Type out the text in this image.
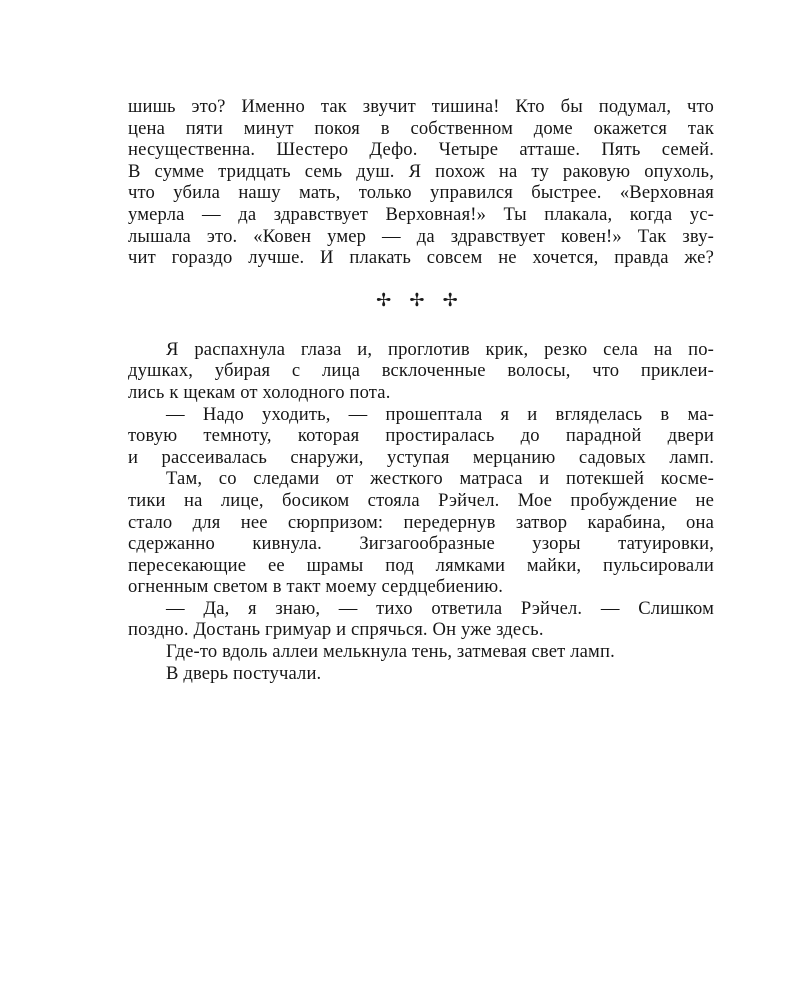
шишь это? Именно так звучит тишина! Кто бы подумал, что
цена пяти минут покоя в собственном доме окажется так
несущественна. Шестеро Дефо. Четыре атташе. Пять семей.
В сумме тридцать семь душ. Я похож на ту раковую опухоль,
что убила нашу мать, только управился быстрее. «Верховная
умерла — да здравствует Верховная!» Ты плакала, когда ус-
лышала это. «Ковен умер — да здравствует ковен!» Так зву-
чит гораздо лучше. И плакать совсем не хочется, правда же?
✢ ✢ ✢
Я распахнула глаза и, проглотив крик, резко села на по-
душках, убирая с лица всклоченные волосы, что приклеи-
лись к щекам от холодного пота.
— Надо уходить, — прошептала я и вгляделась в ма-
товую темноту, которая простиралась до парадной двери
и рассеивалась снаружи, уступая мерцанию садовых ламп.
Там, со следами от жесткого матраса и потекшей космe-
тики на лице, босиком стояла Рэйчел. Мое пробуждение не
стало для нее сюрпризом: передернув затвор карабина, она
сдержанно кивнула. Зигзагообразные узоры татуировки,
пересекающие ее шрамы под лямками майки, пульсировали
огненным светом в такт моему сердцебиению.
— Да, я знаю, — тихо ответила Рэйчел. — Слишком
поздно. Достань гримуар и спрячься. Он уже здесь.
Где-то вдоль аллеи мелькнула тень, затмевая свет ламп.
В дверь постучали.
